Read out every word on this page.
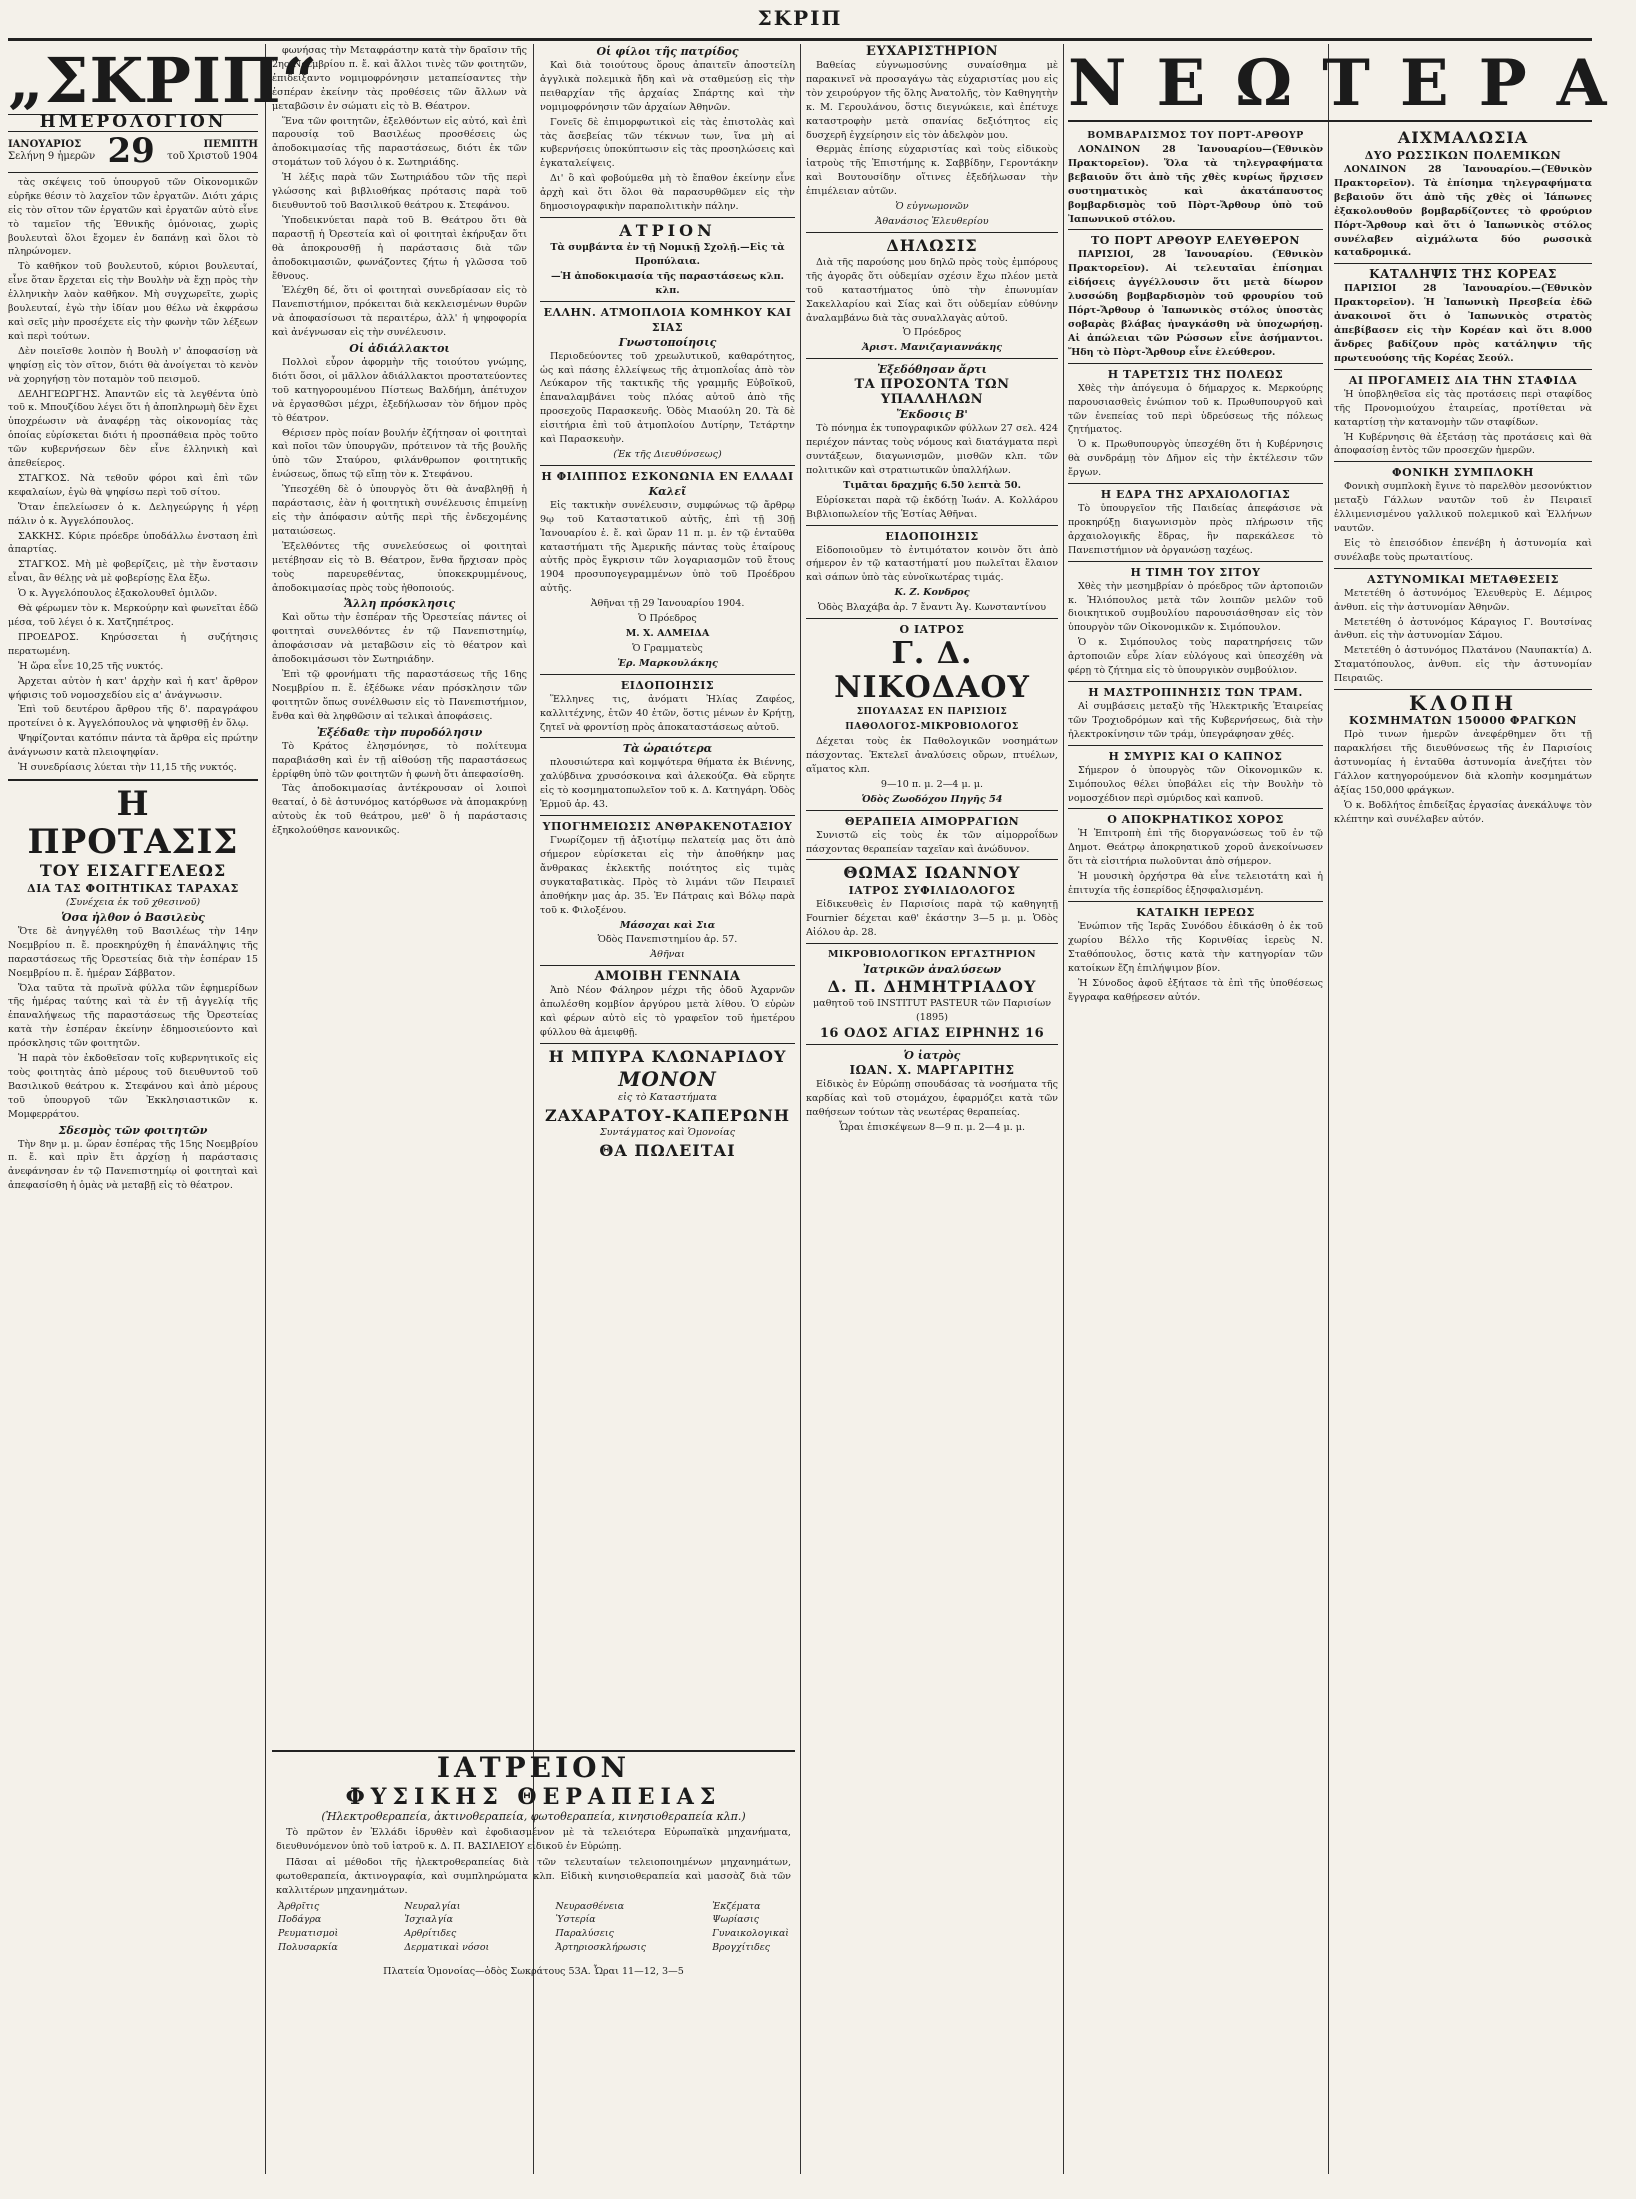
ΣΚΡΙΠ
„ΣΚΡΙΠ“
ΗΜΕΡΟΛΟΓΙΟΝ
ΙΑΝΟΥΑΡΙΟΣ
Σελήνη 9 ἡμερῶν 29	ΠΕΜΠΤΗ
τοῦ Χριστοῦ 1904

τὰς σκέψεις τοῦ ὑπουργοῦ τῶν Οἰκονομικῶν εὑρῆκε θέσιν τὸ λαχεῖον τῶν ἐργατῶν. Διότι χάρις εἰς τὸν σῖτον τῶν ἐργατῶν καὶ ἐργατῶν αὐτὸ εἶνε τὸ ταμεῖον τῆς Ἐθνικῆς ὁμόνοιας, χωρὶς βουλευταὶ ὅλοι ἔχομεν ἐν δαπάνῃ καὶ ὅλοι τὸ πληρώνομεν.

Τὸ καθῆκον τοῦ βουλευτοῦ, κύριοι βουλευταί, εἶνε ὅταν ἔρχεται εἰς τὴν Βουλὴν νὰ ἔχῃ πρὸς τὴν ἐλληνικὴν λαὸν καθῆκον. Μὴ συγχωρεῖτε, χωρὶς βουλευταί, ἐγὼ τὴν ἰδίαν μου θέλω νὰ ἐκφράσω καὶ σεῖς μὴν προσέχετε εἰς τὴν φωνὴν τῶν λέξεων καὶ περὶ τούτων.

Δὲν ποιεῖσθε λοιπὸν ἡ Βουλὴ ν' ἀποφασίσῃ νὰ ψηφίσῃ εἰς τὸν σῖτον, διότι θὰ ἀνοίγεται τὸ κενὸν νὰ χορηγήσῃ τὸν ποταμὸν τοῦ πεισμοῦ.

ΔΕΛΗΓΕΩΡΓΗΣ. Ἀπαντῶν εἰς τὰ λεγθέντα ὑπὸ τοῦ κ. Μπουζίδου λέγει ὅτι ἡ ἀποπληρωμὴ δὲν ἔχει ὑποχρέωσιν νὰ ἀναφέρῃ τὰς οἰκονομίας τὰς ὁποίας εὑρίσκεται διότι ἡ προσπάθεια πρὸς τοῦτο τῶν κυβερνήσεων δὲν εἶνε ἐλληνικὴ καὶ ἀπεθείερος.

ΣΤΑΓΚΟΣ. Νὰ τεθοῦν φόροι καὶ ἐπὶ τῶν κεφαλαίων, ἐγὼ θὰ ψηφίσω περὶ τοῦ σίτου.

Ὅταν ἐπελείωσεν ὁ κ. Δεληγεώργης ἡ γέρῃ πάλιν ὁ κ. Ἀγγελόπουλος.

ΣΑΚΚΗΣ. Κύριε πρόεδρε ὑποδάλλω ἐνσταση ἐπὶ ἀπαρτίας.

ΣΤΑΓΚΟΣ. Μὴ μὲ φοβερίζεις, μὲ τὴν ἔνστασιν εἶναι, ἂν θέλῃς νὰ μὲ φοβερίσῃς ἔλα ἔξω.

Ὁ κ. Ἀγγελόπουλος ἐξακολουθεῖ ὁμιλῶν.

Θὰ φέρωμεν τὸν κ. Μερκούρην καὶ φωνεῖται ἐδῶ μέσα, τοῦ λέγει ὁ κ. Χατζηπέτρος.

ΠΡΟΕΔΡΟΣ. Κηρύσσεται ἡ συζήτησις περατωμένη.

Ἡ ὥρα εἶνε 10,25 τῆς νυκτός.

Ἀρχεται αὐτὸν ἡ κατ' ἀρχὴν καὶ ἡ κατ' ἄρθρον ψήφισις τοῦ νομοσχεδίου εἰς α' ἀνάγνωσιν.

Ἐπὶ τοῦ δευτέρου ἄρθρου τῆς δ'. παραγράφου προτείνει ὁ κ. Ἀγγελόπουλος νὰ ψηφισθῇ ἐν ὅλῳ.

Ψηφίζονται κατόπιν πάντα τὰ ἄρθρα εἰς πρώτην ἀνάγνωσιν κατὰ πλειοψηφίαν.

Ἡ συνεδρίασις λύεται τὴν 11,15 τῆς νυκτός.

Η ΠΡΟΤΑΣΙΣ
ΤΟΥ ΕΙΣΑΓΓΕΛΕΩΣ
ΔΙΑ ΤΑΣ ΦΟΙΤΗΤΙΚΑΣ ΤΑΡΑΧΑΣ
(Συνέχεια ἐκ τοῦ χθεσινοῦ)
Ὁσα ἠλθον ὁ Βασιλεὺς

Ὅτε δὲ ἀνηγγέλθη τοῦ Βασιλέως τὴν 14ην Νοεμβρίου π. ἔ. προεκηρύχθη ἡ ἐπανάληψις τῆς παραστάσεως τῆς Ὀρεστείας διὰ τὴν ἑσπέραν 15 Νοεμβρίου π. ἔ. ἡμέραν Σάββατον.

Ὅλα ταῦτα τὰ πρωϊνὰ φύλλα τῶν ἐφημερίδων τῆς ἡμέρας ταύτης καὶ τὰ ἐν τῇ ἀγγελίᾳ τῆς ἐπαναλήψεως τῆς παραστάσεως τῆς Ὀρεστείας κατὰ τὴν ἑσπέραν ἐκείνην ἐδημοσιεύοντο καὶ πρόσκλησις τῶν φοιτητῶν.

Ἡ παρὰ τὸν ἐκδοθεῖσαν τοῖς κυβερνητικοῖς εἰς τοὺς φοιτητὰς ἀπὸ μέρους τοῦ διευθυντοῦ τοῦ Βασιλικοῦ θεάτρου κ. Στεφάνου καὶ ἀπὸ μέρους τοῦ ὑπουργοῦ τῶν Ἐκκλησιαστικῶν κ. Μομφερράτου.

Σδεσμὸς τῶν φοιτητῶν

Τὴν 8ην μ. μ. ὥραν ἑσπέρας τῆς 15ης Νοεμβρίου π. ἔ. καὶ πρὶν ἔτι ἀρχίσῃ ἡ παράστασις ἀνεφάνησαν ἐν τῷ Πανεπιστημίῳ οἱ φοιτηταὶ καὶ ἀπεφασίσθη ἡ ὁμὰς νὰ μεταβῇ εἰς τὸ θέατρον.

φωνήσας τὴν Μεταφράστην κατὰ τὴν δραῖσιν τῆς 2ης Νοεμβρίου π. ἔ. καὶ ἄλλοι τινὲς τῶν φοιτητῶν, ἐπιδείξαντο νομιμοφρόνησιν μεταπείσαντες τὴν ἑσπέραν ἐκείνην τὰς προθέσεις τῶν ἄλλων νὰ μεταβῶσιν ἐν σώματι εἰς τὸ Β. Θέατρον.

Ἕνα τῶν φοιτητῶν, ἐξελθόντων εἰς αὐτό, καὶ ἐπὶ παρουσίᾳ τοῦ Βασιλέως προσθέσεις ὡς ἀποδοκιμασίας τῆς παραστάσεως, διότι ἐκ τῶν στομάτων τοῦ λόγου ὁ κ. Σωτηριάδης.

Ἡ λέξις παρὰ τῶν Σωτηριάδου τῶν τῆς περὶ γλώσσης καὶ βιβλιοθήκας πρότασις παρὰ τοῦ διευθυντοῦ τοῦ Βασιλικοῦ θεάτρου κ. Στεφάνου.

Ὑποδεικνύεται παρὰ τοῦ Β. Θεάτρου ὅτι θὰ παραστῇ ἡ Ὀρεστεία καὶ οἱ φοιτηταὶ ἐκήρυξαν ὅτι θὰ ἀποκρουσθῇ ἡ παράστασις διὰ τῶν ἀποδοκιμασιῶν, φωνάζοντες ζήτω ἡ γλῶσσα τοῦ ἔθνους.

Ἐλέχθη δέ, ὅτι οἱ φοιτηταὶ συνεδρίασαν εἰς τὸ Πανεπιστήμιον, πρόκειται διὰ κεκλεισμένων θυρῶν νὰ ἀποφασίσωσι τὰ περαιτέρω, ἀλλ' ἡ ψηφοφορία καὶ ἀνέγνωσαν εἰς τὴν συνέλευσιν.

Οἱ ἀδιάλλακτοι

Πολλοὶ εὗρον ἀφορμὴν τῆς τοιούτου γνώμης, διότι ὅσοι, οἱ μᾶλλον ἀδιάλλακτοι προστατεύοντες τοῦ κατηγορουμένου Πίστεως Βαλδήμη, ἀπέτυχον νὰ ἐργασθῶσι μέχρι, ἐξεδήλωσαν τὸν δήμον πρὸς τὸ θέατρον.

Θέρισεν πρὸς ποίαν βουλήν ἐζήτησαν οἱ φοιτηταὶ καὶ ποῖοι τῶν ὑπουργῶν, πρότεινον τὰ τῆς βουλῆς ὑπὸ τῶν Σταύρου, φιλάνθρωπον φοιτητικῆς ἑνώσεως, ὅπως τῷ εἴπῃ τὸν κ. Στεφάνου.

Ὑπεσχέθη δὲ ὁ ὑπουργὸς ὅτι θὰ ἀναβληθῇ ἡ παράστασις, ἐὰν ἡ φοιτητικὴ συνέλευσις ἐπιμείνῃ εἰς τὴν ἀπόφασιν αὐτῆς περὶ τῆς ἐνδεχομένης ματαιώσεως.

Ἐξελθόντες τῆς συνελεύσεως οἱ φοιτηταὶ μετέβησαν εἰς τὸ Β. Θέατρον, ἔνθα ἤρχισαν πρὸς τοὺς παρευρεθέντας, ὑποκεκρυμμένους, ἀποδοκιμασίας πρὸς τοὺς ἠθοποιούς.

Ἄλλη πρόσκλησις

Καὶ οὕτω τὴν ἑσπέραν τῆς Ὀρεστείας πάντες οἱ φοιτηταὶ συνελθόντες ἐν τῷ Πανεπιστημίῳ, ἀποφάσισαν νὰ μεταβῶσιν εἰς τὸ θέατρον καὶ ἀποδοκιμάσωσι τὸν Σωτηριάδην.

Ἐπὶ τῷ φρονήματι τῆς παραστάσεως τῆς 16ης Νοεμβρίου π. ἔ. ἐξέδωκε νέαν πρόσκλησιν τῶν φοιτητῶν ὅπως συνέλθωσιν εἰς τὸ Πανεπιστήμιον, ἔνθα καὶ θὰ ληφθῶσιν αἱ τελικαὶ ἀποφάσεις.

Ἐξέδαθε τὴν πυροδόλησιν

Τὸ Κράτος ἐλησμόνησε, τὸ πολίτευμα παραβιάσθη καὶ ἐν τῇ αἰθούσῃ τῆς παραστάσεως ἐρρίφθη ὑπὸ τῶν φοιτητῶν ἡ φωνὴ ὅτι ἀπεφασίσθη.

Τὰς ἀποδοκιμασίας ἀντέκρουσαν οἱ λοιποὶ θεαταί, ὁ δὲ ἀστυνόμος κατόρθωσε νὰ ἀπομακρύνῃ αὐτοὺς ἐκ τοῦ θεάτρου, μεθ' ὃ ἡ παράστασις ἐξηκολούθησε κανονικῶς.

Οἱ φίλοι τῆς πατρίδος

Καὶ διὰ τοιούτους ὅρους ἀπαιτεῖν ἀποστείλη ἀγγλικὰ πολεμικὰ ἤδη καὶ νὰ σταθμεύσῃ εἰς τὴν πειθαρχίαν τῆς ἀρχαίας Σπάρτης καὶ τὴν νομιμοφρόνησιν τῶν ἀρχαίων Ἀθηνῶν.

Γονεῖς δὲ ἐπιμορφωτικοὶ εἰς τὰς ἐπιστολὰς καὶ τὰς ἄσεβείας τῶν τέκνων των, ἵνα μὴ αἱ κυβερνήσεις ὑποκύπτωσιν εἰς τὰς προσηλώσεις καὶ ἐγκαταλείψεις.

Δι' ὃ καὶ φοβούμεθα μὴ τὸ ἔπαθον ἐκείνην εἶνε ἀρχὴ καὶ ὅτι ὅλοι θὰ παρασυρθῶμεν εἰς τὴν δημοσιογραφικὴν παραπολιτικὴν πάλην.

ΑΤΡΙΟΝ

Τὰ συμβάντα ἐν τῇ Νομικῇ Σχολῇ.—Εἰς τὰ Προπύλαια.

—Ἡ ἀποδοκιμασία τῆς παραστάσεως κλπ. κλπ.

ΕΛΛΗΝ. ΑΤΜΟΠΛΟΙΑ ΚΟΜΗΚΟΥ ΚΑΙ ΣΙΑΣ
Γνωστοποίησις

Περιοδεύοντες τοῦ χρεωλυτικοῦ, καθαρότητος, ὡς καὶ πάσης ἐλλείψεως τῆς ἀτμοπλοΐας ἀπὸ τὸν Λεύκαρον τῆς τακτικῆς τῆς γραμμῆς Εὐβοϊκοῦ, ἐπαναλαμβάνει τοὺς πλόας αὐτοῦ ἀπὸ τῆς προσεχοῦς Παρασκευῆς. Ὁδὸς Μιαούλη 20. Τὰ δὲ εἰσιτήρια ἐπὶ τοῦ ἀτμοπλοίου Δυτίρην, Τετάρτην καὶ Παρασκευὴν.

(Ἐκ τῆς Διευθύνσεως)

Η ΦΙΛΙΠΠΟΣ ΕΣΚΟΝΩΝΙΑ ΕΝ ΕΛΛΑΔΙ
Καλεῖ

Εἰς τακτικὴν συνέλευσιν, συμφώνως τῷ ἄρθρῳ 9ῳ τοῦ Καταστατικοῦ αὐτῆς, ἐπὶ τῇ 30ῇ Ἰανουαρίου ἐ. ἔ. καὶ ὥραν 11 π. μ. ἐν τῷ ἐνταῦθα καταστήματι τῆς Ἀμερικῆς πάντας τοὺς ἑταίρους αὐτῆς πρὸς ἔγκρισιν τῶν λογαριασμῶν τοῦ ἔτους 1904 προσυπογεγραμμένων ὑπὸ τοῦ Προέδρου αὐτῆς.

Ἀθῆναι τῇ 29 Ἰανουαρίου 1904.

Ὁ Πρόεδρος

Μ. Χ. ΑΛΜΕΙΔΑ

Ὁ Γραμματεὺς

Ἐρ. Μαρκουλάκης

ΕΙΔΟΠΟΙΗΣΙΣ

Ἕλληνες τις, ἀνόματι Ἠλίας Ζαφέος, καλλιτέχνης, ἐτῶν 40 ἐτῶν, ὅστις μένων ἐν Κρήτῃ, ζητεῖ νὰ φροντίσῃ πρὸς ἀποκαταστάσεως αὐτοῦ.

Τὰ ὡραιότερα

πλουσιώτερα καὶ κομψότερα θήματα ἐκ Βιέννης, χαλύβδινα χρυσόσκοινα καὶ ἀλεκούζα. Θὰ εὕρητε εἰς τὸ κοσμηματοπωλεῖον τοῦ κ. Δ. Κατηγάρη. Ὁδὸς Ἑρμοῦ ἀρ. 43.

ΥΠΟΓΗΜΕΙΩΣΙΣ ΑΝΘΡΑΚΕΝΟΤΑΞΙΟΥ

Γνωρίζομεν τῇ ἀξιοτίμῳ πελατείᾳ μας ὅτι ἀπὸ σήμερον εὑρίσκεται εἰς τὴν ἀποθήκην μας ἄνθρακας ἐκλεκτῆς ποιότητος εἰς τιμὰς συγκαταβατικὰς. Πρὸς τὸ λιμάνι τῶν Πειραιεῖ ἀποθήκην μας ἀρ. 35. Ἐν Πάτραις καὶ Βόλῳ παρὰ τοῦ κ. Φιλοξένου.

Μάσσχαι καὶ Σια

Ὁδὸς Πανεπιστημίου ἀρ. 57.

Ἀθῆναι

ΑΜΟΙΒΗ ΓΕΝΝΑΙΑ

Ἀπὸ Νέον Φάληρον μέχρι τῆς ὁδοῦ Ἀχαρνῶν ἀπωλέσθη κομβίον ἀργύρου μετὰ λίθου. Ὁ εὑρὼν καὶ φέρων αὐτὸ εἰς τὸ γραφεῖον τοῦ ἡμετέρου φύλλου θὰ ἀμειφθῇ.

Η ΜΠΥΡΑ ΚΛΩΝΑΡΙΔΟΥ
ΜΟΝΟΝ

εἰς τὸ Καταστήματα

ΖΑΧΑΡΑΤΟΥ-ΚΑΠΕΡΩΝΗ

Συντάγματος καὶ Ὁμονοίας

ΘΑ ΠΩΛΕΙΤΑΙ
ΙΑΤΡΕΙΟΝ
ΦΥΣΙΚΗΣ ΘΕΡΑΠΕΙΑΣ
(Ἠλεκτροθεραπεία, ἀκτινοθεραπεία, φωτοθεραπεία, κινησιοθεραπεία κλπ.)

Τὸ πρῶτον ἐν Ἑλλάδι ἱδρυθὲν καὶ ἐφοδιασμένον μὲ τὰ τελειότερα Εὐρωπαϊκὰ μηχανήματα, διευθυνόμενον ὑπὸ τοῦ ἰατροῦ κ. Δ. Π. ΒΑΣΙΛΕΙΟΥ εἰδικοῦ ἐν Εὐρώπῃ.

Πᾶσαι αἱ μέθοδοι τῆς ἠλεκτροθεραπείας διὰ τῶν τελευταίων τελειοποιημένων μηχανημάτων, φωτοθεραπεία, ἀκτινογραφία, καὶ συμπληρώματα κλπ. Εἰδικὴ κινησιοθεραπεία καὶ μασσὰζ διὰ τῶν καλλιτέρων μηχανημάτων.

Ἀρθρῖτις
Ποδάγρα
Ρευματισμοὶ
Πολυσαρκία
Νευραλγίαι
Ἰσχιαλγία
Αρθρίτιδες
Δερματικαὶ νόσοι
Νευρασθένεια
Ὑστερία
Παραλύσεις
Ἀρτηριοσκλήρωσις
Ἐκζέματα
Ψωρίασις
Γυναικολογικαὶ
Βρογχίτιδες

Πλατεία Ὁμονοίας—ὁδὸς Σωκράτους 53Α. Ὧραι 11—12, 3—5

ΕΥΧΑΡΙΣΤΗΡΙΟΝ

Βαθείας εὐγνωμοσύνης συναίσθημα μὲ παρακινεῖ νὰ προσαγάγω τὰς εὐχαριστίας μου εἰς τὸν χειρούργον τῆς ὅλης Ἀνατολῆς, τὸν Καθηγητὴν κ. Μ. Γερουλάνου, ὅστις διεγνώκειε, καὶ ἐπέτυχε καταστροφὴν μετὰ σπανίας δεξιότητος εἰς δυσχερῆ ἐγχείρησιν εἰς τὸν ἀδελφὸν μου.

Θερμὰς ἐπίσης εὐχαριστίας καὶ τοὺς εἰδικοὺς ἰατροὺς τῆς Ἐπιστήμης κ. Σαββίδην, Γεροντάκην καὶ Βουτουσίδην οἵτινες ἐξεδήλωσαν τὴν ἐπιμέλειαν αὐτῶν.

Ὁ εὐγνωμονῶν

Ἀθανάσιος Ἐλευθερίου

ΔΗΛΩΣΙΣ

Διὰ τῆς παρούσης μου δηλῶ πρὸς τοὺς ἐμπόρους τῆς ἀγορᾶς ὅτι οὐδεμίαν σχέσιν ἔχω πλέον μετὰ τοῦ καταστήματος ὑπὸ τὴν ἐπωνυμίαν Σακελλαρίου καὶ Σίας καὶ ὅτι οὐδεμίαν εὐθύνην ἀναλαμβάνω διὰ τὰς συναλλαγὰς αὐτοῦ.

Ὁ Πρόεδρος

Ἀριστ. Μανιζαγιαννάκης

Ἐξεδόθησαν ἄρτι
ΤΑ ΠΡΟΣΟΝΤΑ ΤΩΝ ΥΠΑΛΛΗΛΩΝ
Ἔκδοσις Β'

Τὸ πόνημα ἐκ τυπογραφικῶν φύλλων 27 σελ. 424 περιέχον πάντας τοὺς νόμους καὶ διατάγματα περὶ συντάξεων, διαγωνισμῶν, μισθῶν κλπ. τῶν πολιτικῶν καὶ στρατιωτικῶν ὑπαλλήλων.

Τιμᾶται δραχμῆς 6.50 λεπτὰ 50.

Εὑρίσκεται παρὰ τῷ ἐκδότῃ Ἰωάν. Α. Κολλάρου Βιβλιοπωλείον τῆς Ἑστίας Ἀθῆναι.

ΕΙΔΟΠΟΙΗΣΙΣ

Εἰδοποιοῦμεν τὸ ἐντιμότατον κοινὸν ὅτι ἀπὸ σήμερον ἐν τῷ καταστήματί μου πωλεῖται ἔλαιον καὶ σάπων ὑπὸ τὰς εὐνοϊκωτέρας τιμάς.

Κ. Ζ. Κονδρος

Ὁδὸς Βλαχάβα ἀρ. 7 ἔναντι Ἁγ. Κωνσταντίνου

Ο ΙΑΤΡΟΣ
Γ. Δ. ΝΙΚΟΔΑΟΥ
ΣΠΟΥΔΑΣΑΣ ΕΝ ΠΑΡΙΣΙΟΙΣ
ΠΑΘΟΛΟΓΟΣ-ΜΙΚΡΟΒΙΟΛΟΓΟΣ

Δέχεται τοὺς ἐκ Παθολογικῶν νοσημάτων πάσχοντας. Ἐκτελεῖ ἀναλύσεις οὔρων, πτυέλων, αἵματος κλπ.

9—10 π. μ. 2—4 μ. μ.

Ὁδὸς Ζωοδόχου Πηγῆς 54

ΘΕΡΑΠΕΙΑ ΑΙΜΟΡΡΑΓΙΩΝ

Συνιστῶ εἰς τοὺς ἐκ τῶν αἱμορροΐδων πάσχοντας θεραπείαν ταχεῖαν καὶ ἀνώδυνον.

ΘΩΜΑΣ ΙΩΑΝΝΟΥ
ΙΑΤΡΟΣ ΣΥΦΙΛΙΔΟΛΟΓΟΣ

Εἰδικευθεὶς ἐν Παρισίοις παρὰ τῷ καθηγητῇ Fournier δέχεται καθ' ἑκάστην 3—5 μ. μ. Ὁδὸς Αἰόλου ἀρ. 28.

ΜΙΚΡΟΒΙΟΛΟΓΙΚΟΝ ΕΡΓΑΣΤΗΡΙΟΝ
Ἰατρικῶν ἀναλύσεων
Δ. Π. ΔΗΜΗΤΡΙΑΔΟΥ

μαθητοῦ τοῦ INSTITUT PASTEUR τῶν Παρισίων (1895)

16 ΟΔΟΣ ΑΓΙΑΣ ΕΙΡΗΝΗΣ 16
Ὁ ἰατρὸς
ΙΩΑΝ. Χ. ΜΑΡΓΑΡΙΤΗΣ

Εἰδικὸς ἐν Εὐρώπῃ σπουδάσας τὰ νοσήματα τῆς καρδίας καὶ τοῦ στομάχου, ἐφαρμόζει κατὰ τῶν παθήσεων τούτων τὰς νεωτέρας θεραπείας.

Ὧραι ἐπισκέψεων 8—9 π. μ. 2—4 μ. μ.

ΝΕΩΤΕΡΑ
ΒΟΜΒΑΡΔΙΣΜΟΣ ΤΟΥ ΠΟΡΤ-ΑΡΘΟΥΡ

ΛΟΝΔΙΝΟΝ 28 Ἰανουαρίου—(Ἐθνικὸν Πρακτορεῖον). Ὅλα τὰ τηλεγραφήματα βεβαιοῦν ὅτι ἀπὸ τῆς χθὲς κυρίως ἤρχισεν συστηματικὸς καὶ ἀκατάπαυστος βομβαρδισμὸς τοῦ Πὸρτ-Ἄρθουρ ὑπὸ τοῦ Ἰαπωνικοῦ στόλου.

ΤΟ ΠΟΡΤ ΑΡΘΟΥΡ ΕΛΕΥΘΕΡΟΝ

ΠΑΡΙΣΙΟΙ, 28 Ἰανουαρίου. (Ἐθνικὸν Πρακτορεῖον). Αἱ τελευταῖαι ἐπίσημαι εἰδήσεις ἀγγέλλουσιν ὅτι μετὰ δίωρον λυσσώδη βομβαρδισμὸν τοῦ φρουρίου τοῦ Πόρτ-Ἄρθουρ ὁ Ἰαπωνικὸς στόλος ὑποστὰς σοβαρὰς βλάβας ἠναγκάσθη νὰ ὑποχωρήσῃ. Αἱ ἀπώλειαι τῶν Ρώσσων εἶνε ἀσήμαντοι. Ἤδη τὸ Πὸρτ-Ἄρθουρ εἶνε ἐλεύθερον.

Η ΤΑΡΕΤΣΙΣ ΤΗΣ ΠΟΛΕΩΣ

Χθὲς τὴν ἀπόγευμα ὁ δήμαρχος κ. Μερκούρης παρουσιασθεὶς ἐνώπιον τοῦ κ. Πρωθυπουργοῦ καὶ τῶν ἐνεπείας τοῦ περὶ ὑδρεύσεως τῆς πόλεως ζητήματος.

Ὁ κ. Πρωθυπουργὸς ὑπεσχέθη ὅτι ἡ Κυβέρνησις θὰ συνδράμῃ τὸν Δῆμον εἰς τὴν ἐκτέλεσιν τῶν ἔργων.

Η ΕΔΡΑ ΤΗΣ ΑΡΧΑΙΟΛΟΓΙΑΣ

Τὸ ὑπουργεῖον τῆς Παιδείας ἀπεφάσισε νὰ προκηρύξῃ διαγωνισμὸν πρὸς πλήρωσιν τῆς ἀρχαιολογικῆς ἕδρας, ἣν παρεκάλεσε τὸ Πανεπιστήμιον νὰ ὀργανώσῃ ταχέως.

Η ΤΙΜΗ ΤΟΥ ΣΙΤΟΥ

Χθὲς τὴν μεσημβρίαν ὁ πρόεδρος τῶν ἀρτοποιῶν κ. Ἠλιόπουλος μετὰ τῶν λοιπῶν μελῶν τοῦ διοικητικοῦ συμβουλίου παρουσιάσθησαν εἰς τὸν ὑπουργὸν τῶν Οἰκονομικῶν κ. Σιμόπουλον.

Ὁ κ. Σιμόπουλος τοὺς παρατηρήσεις τῶν ἀρτοποιῶν εὗρε λίαν εὐλόγους καὶ ὑπεσχέθη νὰ φέρῃ τὸ ζήτημα εἰς τὸ ὑπουργικὸν συμβούλιον.

Η ΜΑΣΤΡΟΠΙΝΗΣΙΣ ΤΩΝ ΤΡΑΜ.

Αἱ συμβάσεις μεταξὺ τῆς Ἠλεκτρικῆς Ἑταιρείας τῶν Τροχιοδρόμων καὶ τῆς Κυβερνήσεως, διὰ τὴν ἠλεκτροκίνησιν τῶν τράμ, ὑπεγράφησαν χθές.

Η ΣΜΥΡΙΣ ΚΑΙ Ο ΚΑΠΝΟΣ

Σήμερον ὁ ὑπουργὸς τῶν Οἰκονομικῶν κ. Σιμόπουλος θέλει ὑποβάλει εἰς τὴν Βουλὴν τὸ νομοσχέδιον περὶ σμύριδος καὶ καπνοῦ.

Ο ΑΠΟΚΡΗΑΤΙΚΟΣ ΧΟΡΟΣ

Ἡ Ἐπιτροπὴ ἐπὶ τῆς διοργανώσεως τοῦ ἐν τῷ Δημοτ. Θεάτρῳ ἀποκρηατικοῦ χοροῦ ἀνεκοίνωσεν ὅτι τὰ εἰσιτήρια πωλοῦνται ἀπὸ σήμερον.

Ἡ μουσικὴ ὀρχήστρα θὰ εἶνε τελειοτάτη καὶ ἡ ἐπιτυχία τῆς ἑσπερίδος ἐξησφαλισμένη.

ΚΑΤΑΙΚΗ ΙΕΡΕΩΣ

Ἐνώπιον τῆς Ἱερᾶς Συνόδου ἐδικάσθη ὁ ἐκ τοῦ χωρίου Βέλλο τῆς Κορινθίας ἱερεὺς Ν. Σταθόπουλος, ὅστις κατὰ τὴν κατηγορίαν τῶν κατοίκων ἔζη ἐπιλήψιμον βίον.

Ἡ Σύνοδος ἀφοῦ ἐξήτασε τὰ ἐπὶ τῆς ὑποθέσεως ἔγγραφα καθῄρεσεν αὐτόν.

ΑΙΧΜΑΛΩΣΙΑ
ΔΥΟ ΡΩΣΣΙΚΩΝ ΠΟΛΕΜΙΚΩΝ

ΛΟΝΔΙΝΟΝ 28 Ἰανουαρίου.—(Ἐθνικὸν Πρακτορεῖον). Τὰ ἐπίσημα τηλεγραφήματα βεβαιοῦν ὅτι ἀπὸ τῆς χθὲς οἱ Ἰάπωνες ἐξακολουθοῦν βομβαρδίζοντες τὸ φρούριον Πόρτ-Ἄρθουρ καὶ ὅτι ὁ Ἰαπωνικὸς στόλος συνέλαβεν αἰχμάλωτα δύο ρωσσικὰ καταδρομικά.

ΚΑΤΑΛΗΨΙΣ ΤΗΣ ΚΟΡΕΑΣ

ΠΑΡΙΣΙΟΙ 28 Ἰανουαρίου.—(Ἐθνικὸν Πρακτορεῖον). Ἡ Ἰαπωνικὴ Πρεσβεία ἐδῶ ἀνακοινοῖ ὅτι ὁ Ἰαπωνικὸς στρατὸς ἀπεβίβασεν εἰς τὴν Κορέαν καὶ ὅτι 8.000 ἄνδρες βαδίζουν πρὸς κατάληψιν τῆς πρωτευούσης τῆς Κορέας Σεούλ.

ΑΙ ΠΡΟΓΑΜΕΙΣ ΔΙΑ ΤΗΝ ΣΤΑΦΙΔΑ

Ἡ ὑποβληθεῖσα εἰς τὰς προτάσεις περὶ σταφίδος τῆς Προνομιούχου ἑταιρείας, προτίθεται νὰ καταρτίσῃ τὴν κατανομὴν τῶν σταφίδων.

Ἡ Κυβέρνησις θὰ ἐξετάσῃ τὰς προτάσεις καὶ θὰ ἀποφασίσῃ ἐντὸς τῶν προσεχῶν ἡμερῶν.

ΦΟΝΙΚΗ ΣΥΜΠΛΟΚΗ

Φονικὴ συμπλοκὴ ἔγινε τὸ παρελθὸν μεσονύκτιον μεταξὺ Γάλλων ναυτῶν τοῦ ἐν Πειραιεῖ ἐλλιμενισμένου γαλλικοῦ πολεμικοῦ καὶ Ἑλλήνων ναυτῶν.

Εἰς τὸ ἐπεισόδιον ἐπενέβη ἡ ἀστυνομία καὶ συνέλαβε τοὺς πρωταιτίους.

ΑΣΤΥΝΟΜΙΚΑΙ ΜΕΤΑΘΕΣΕΙΣ

Μετετέθη ὁ ἀστυνόμος Ἐλευθερὺς Ε. Δέμιρος ἀνθυπ. εἰς τὴν ἀστυνομίαν Ἀθηνῶν.

Μετετέθη ὁ ἀστυνόμος Κάραγιος Γ. Βουτσίνας ἀνθυπ. εἰς τὴν ἀστυνομίαν Σάμου.

Μετετέθη ὁ ἀστυνόμος Πλατάνου (Ναυπακτία) Δ. Σταματόπουλος, ἀνθυπ. εἰς τὴν ἀστυνομίαν Πειραιῶς.

ΚΛΟΠΗ
ΚΟΣΜΗΜΑΤΩΝ 150000 ΦΡΑΓΚΩΝ

Πρὸ τινων ἡμερῶν ἀνεφέρθημεν ὅτι τῇ παρακλήσει τῆς διευθύνσεως τῆς ἐν Παρισίοις ἀστυνομίας ἡ ἐνταῦθα ἀστυνομία ἀνεζήτει τὸν Γάλλον κατηγορούμενον διὰ κλοπὴν κοσμημάτων ἀξίας 150,000 φράγκων.

Ὁ κ. Βοδλήτος ἐπιδείξας ἐργασίας ἀνεκάλυψε τὸν κλέπτην καὶ συνέλαβεν αὐτόν.
